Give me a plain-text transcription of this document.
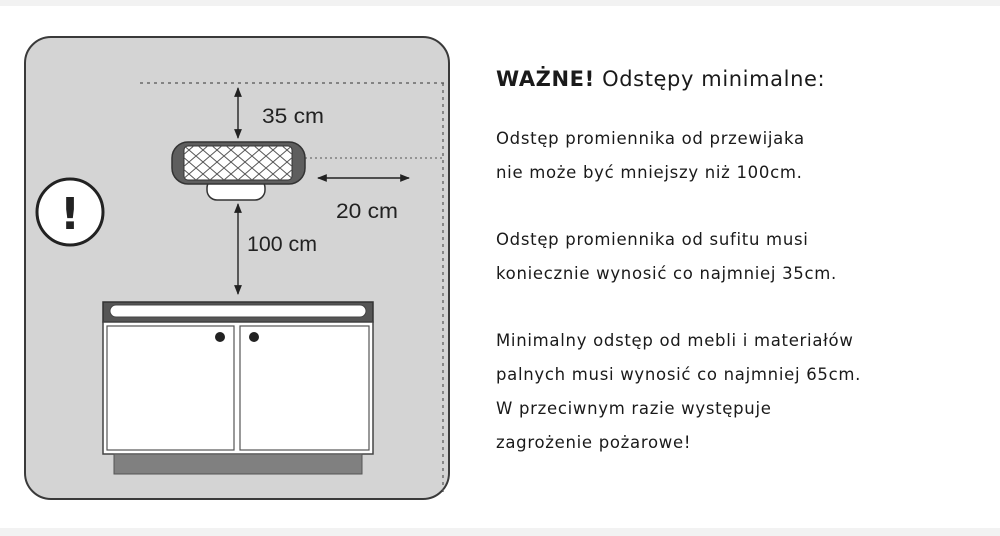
!
35 cm
20 cm
100 cm
WAŻNE! Odstępy minimalne:
Odstęp promiennika od przewijaka
nie może być mniejszy niż 100cm.
Odstęp promiennika od sufitu musi
koniecznie wynosić co najmniej 35cm.
Minimalny odstęp od mebli i materiałów
palnych musi wynosić co najmniej 65cm.
W przeciwnym razie występuje
zagrożenie pożarowe!
